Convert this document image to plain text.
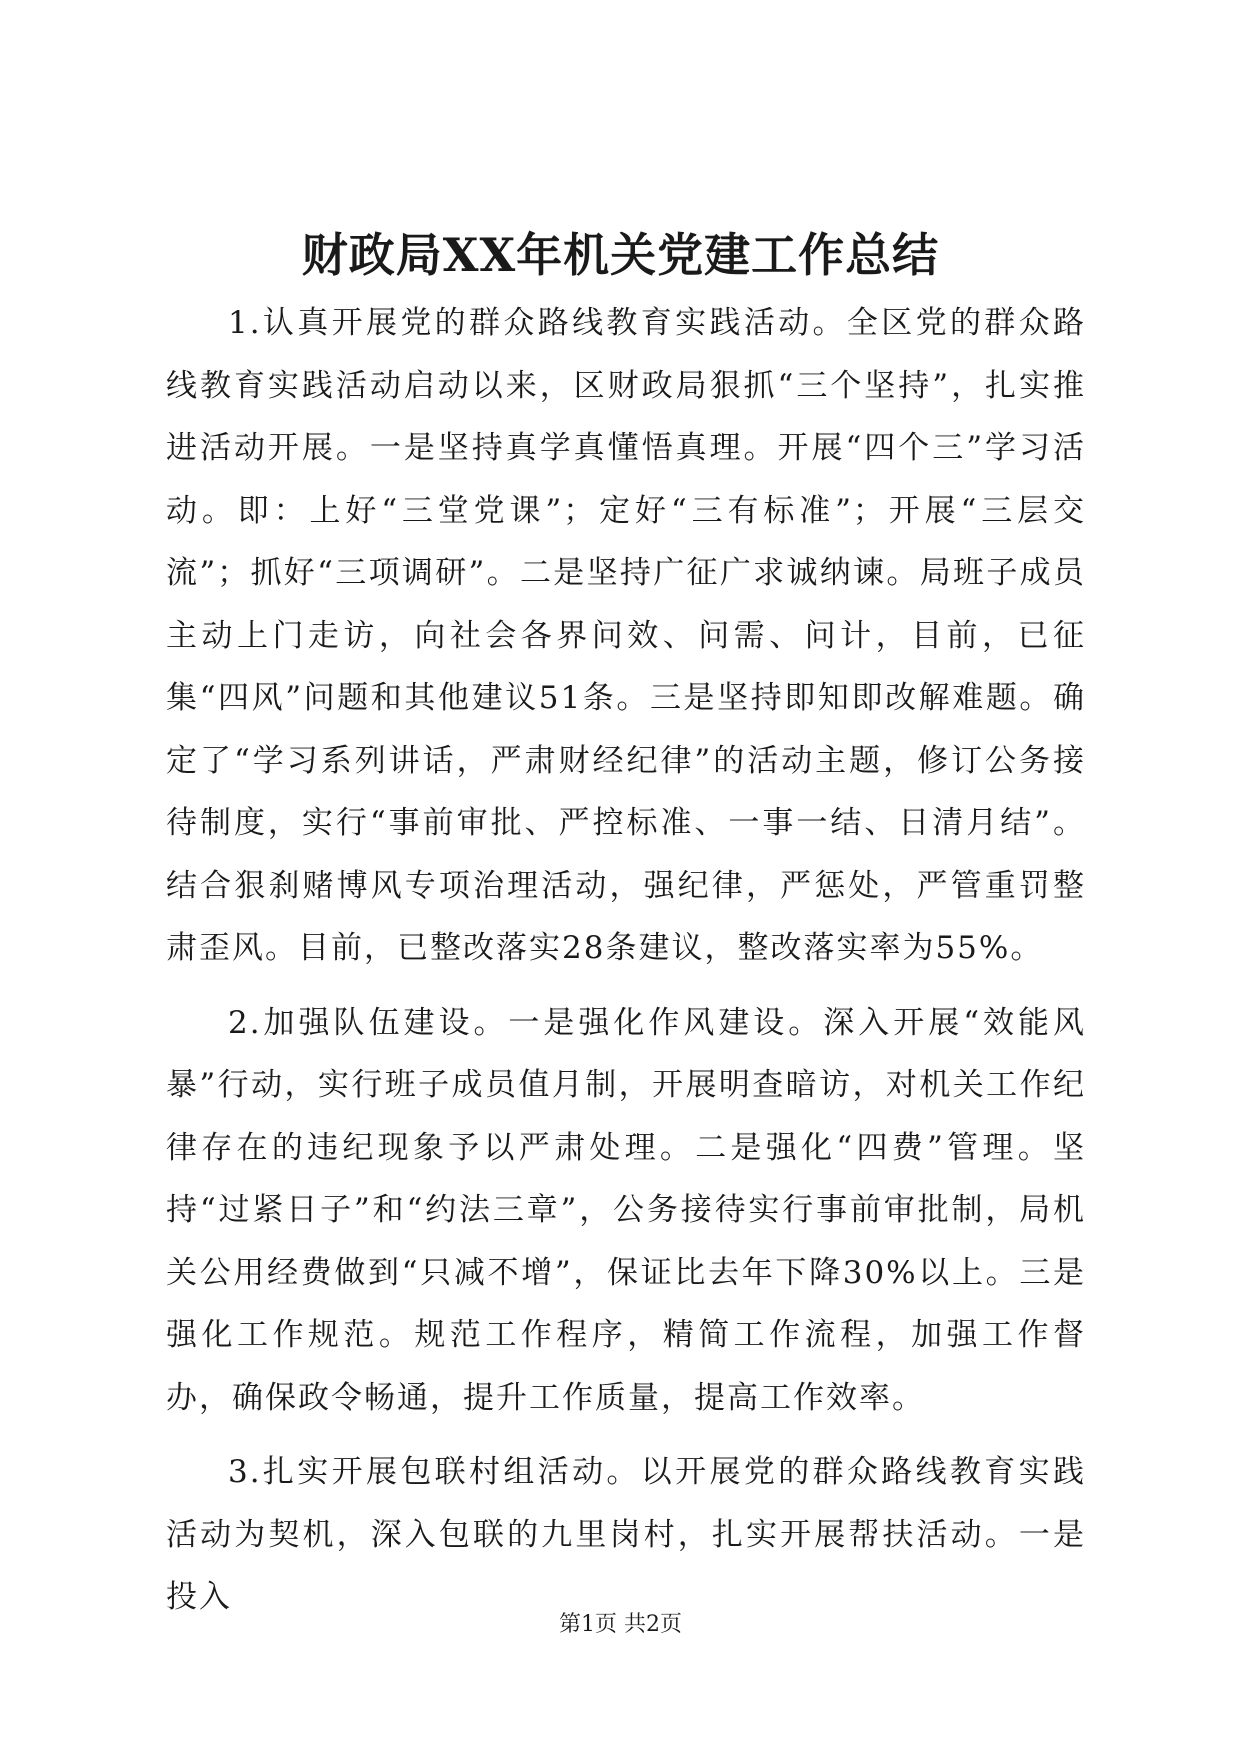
财政局XX年机关党建工作总结

1.认真开展党的群众路线教育实践活动。全区党的群众路线教育实践活动启动以来，区财政局狠抓“三个坚持”，扎实推进活动开展。一是坚持真学真懂悟真理。开展“四个三”学习活动。即：上好“三堂党课”；定好“三有标准”；开展“三层交流”；抓好“三项调研”。二是坚持广征广求诚纳谏。局班子成员主动上门走访，向社会各界问效、问需、问计，目前，已征集“四风”问题和其他建议51条。三是坚持即知即改解难题。确定了“学习系列讲话，严肃财经纪律”的活动主题，修订公务接待制度，实行“事前审批、严控标准、一事一结、日清月结”。结合狠刹赌博风专项治理活动，强纪律，严惩处，严管重罚整肃歪风。目前，已整改落实28条建议，整改落实率为55%。

2.加强队伍建设。一是强化作风建设。深入开展“效能风暴”行动，实行班子成员值月制，开展明查暗访，对机关工作纪律存在的违纪现象予以严肃处理。二是强化“四费”管理。坚持“过紧日子”和“约法三章”，公务接待实行事前审批制，局机关公用经费做到“只减不增”，保证比去年下降30%以上。三是强化工作规范。规范工作程序，精简工作流程，加强工作督办，确保政令畅通，提升工作质量，提高工作效率。

3.扎实开展包联村组活动。以开展党的群众路线教育实践活动为契机，深入包联的九里岗村，扎实开展帮扶活动。一是投入

第1页 共2页
